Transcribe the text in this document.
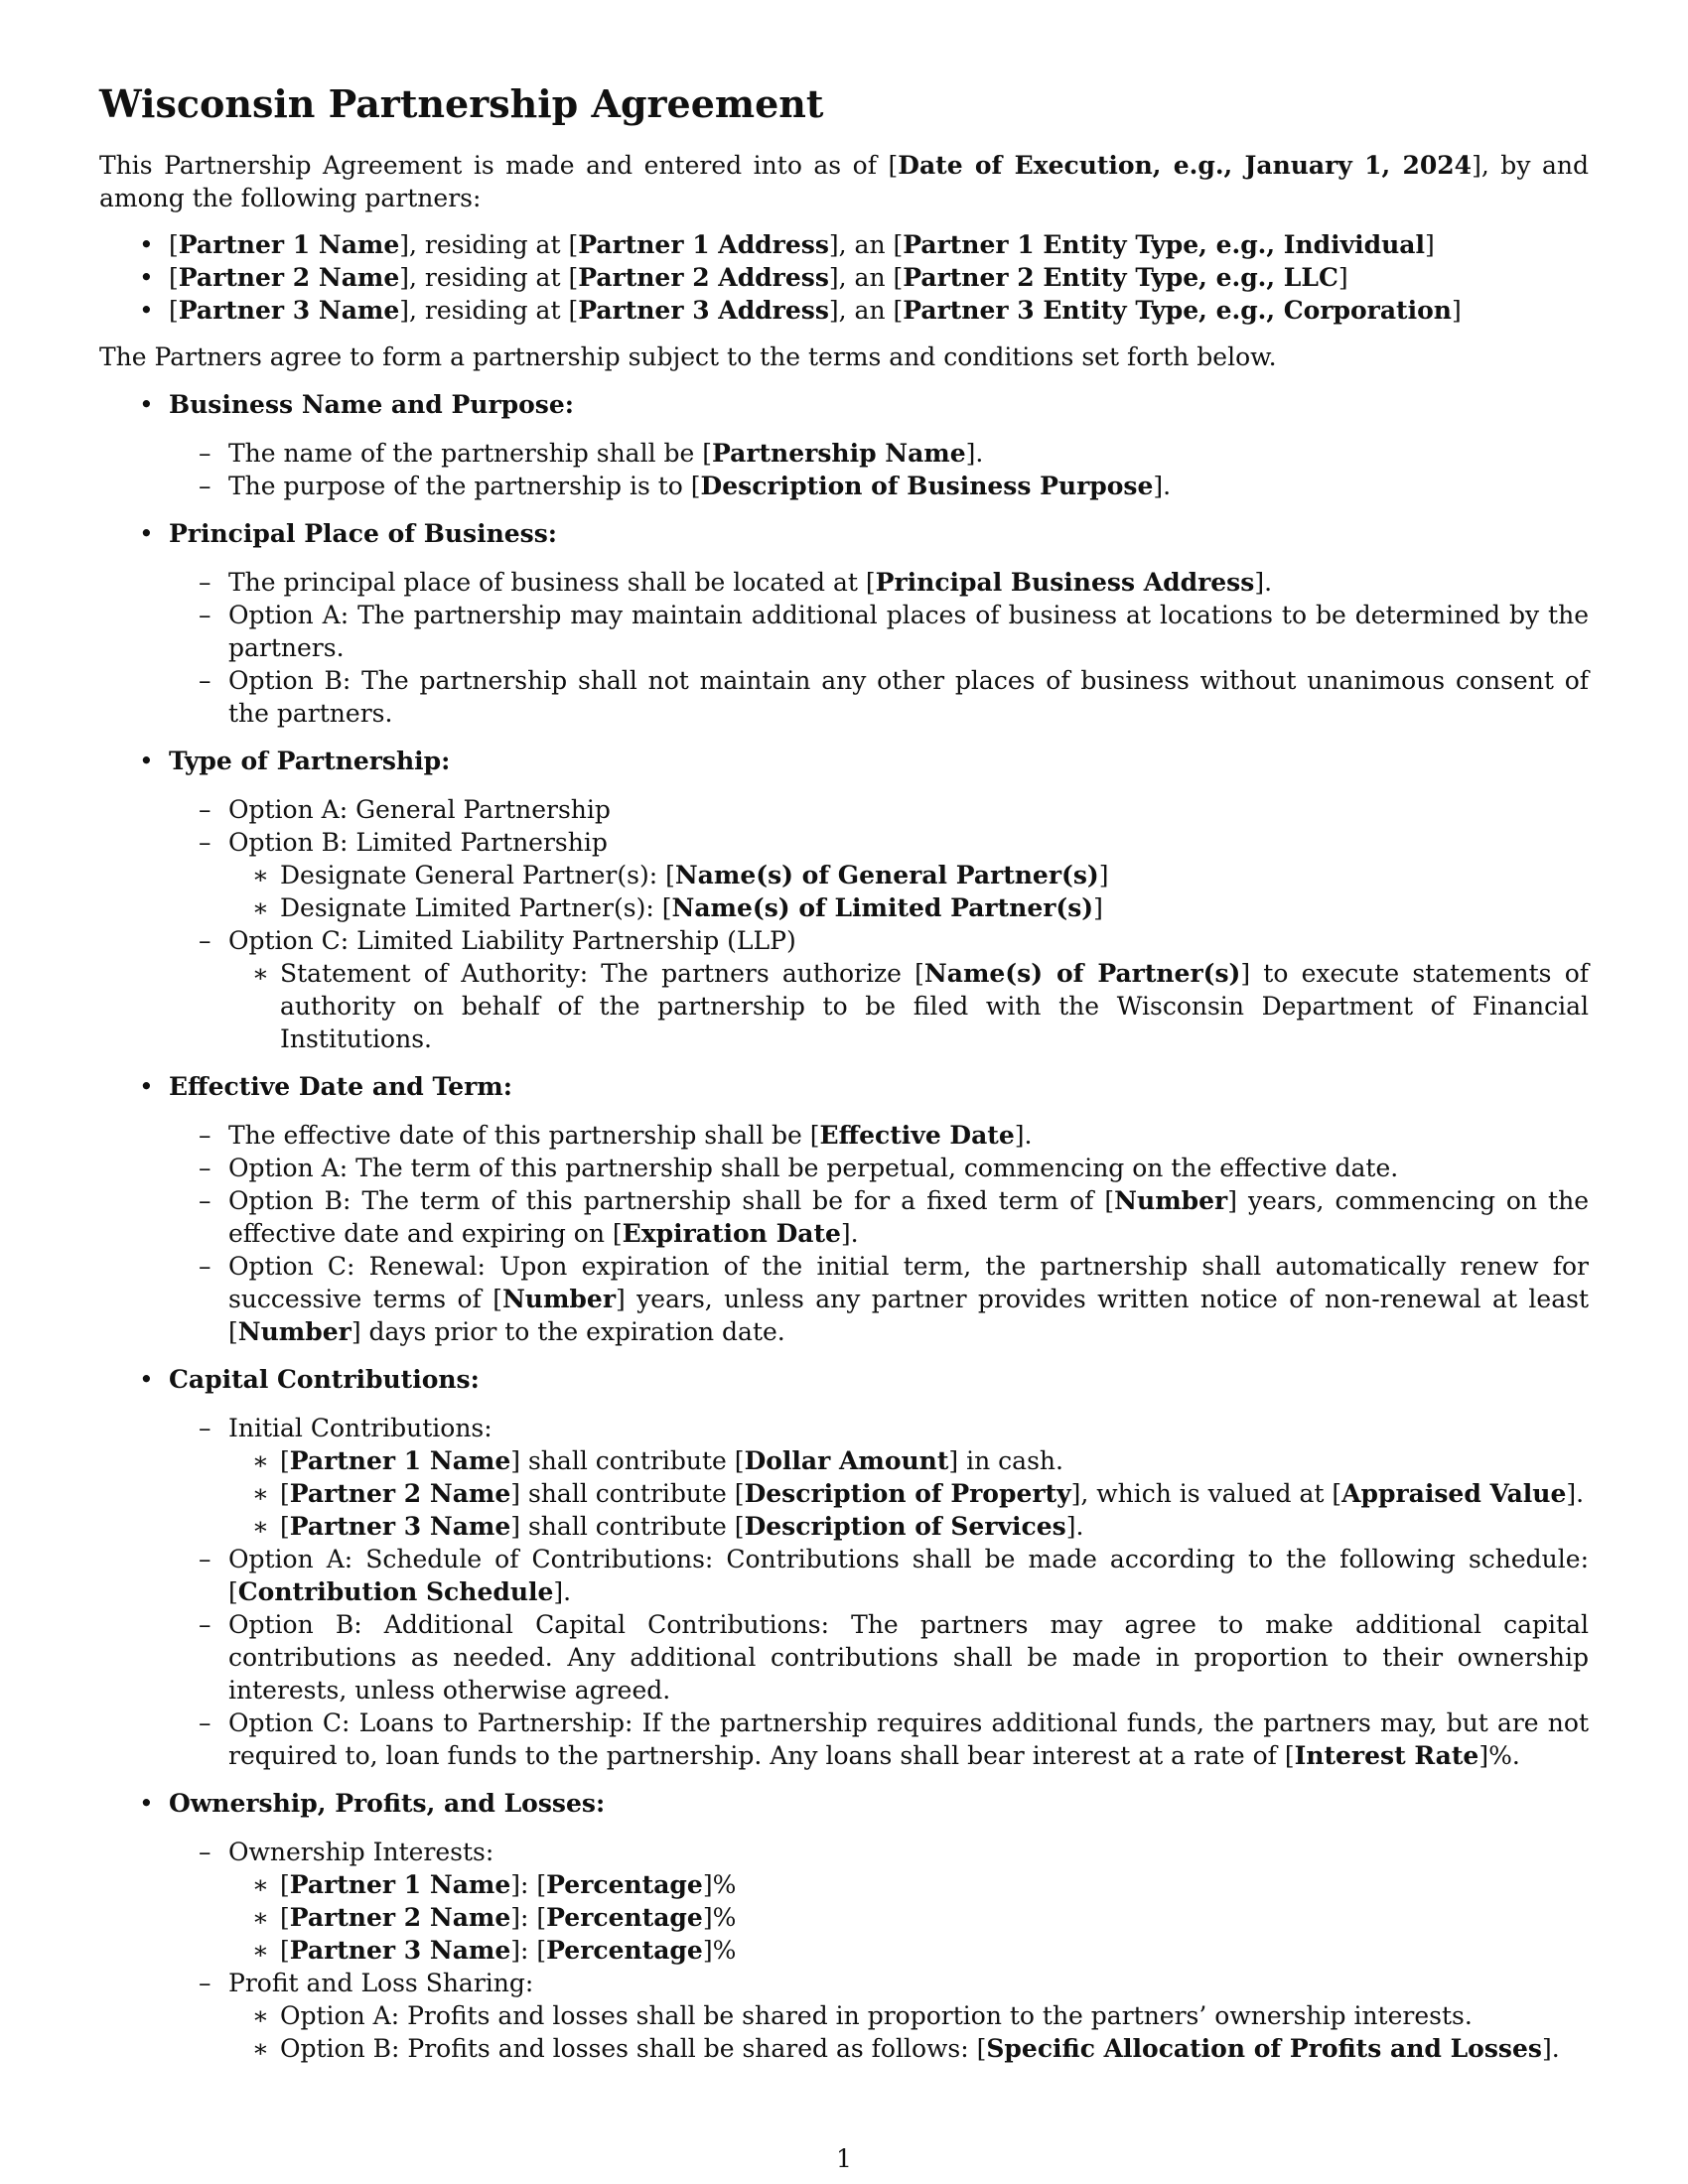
Wisconsin Partnership Agreement

This Partnership Agreement is made and entered into as of [Date of Execution, e.g., January 1, 2024], by and among the following partners:

• [Partner 1 Name], residing at [Partner 1 Address], an [Partner 1 Entity Type, e.g., Individual]
• [Partner 2 Name], residing at [Partner 2 Address], an [Partner 2 Entity Type, e.g., LLC]
• [Partner 3 Name], residing at [Partner 3 Address], an [Partner 3 Entity Type, e.g., Corporation]

The Partners agree to form a partnership subject to the terms and conditions set forth below.

• Business Name and Purpose:
– The name of the partnership shall be [Partnership Name].
– The purpose of the partnership is to [Description of Business Purpose].
• Principal Place of Business:
– The principal place of business shall be located at [Principal Business Address].
– Option A: The partnership may maintain additional places of business at locations to be determined by the partners.
– Option B: The partnership shall not maintain any other places of business without unanimous consent of the partners.
• Type of Partnership:
– Option A: General Partnership
– Option B: Limited Partnership
∗ Designate General Partner(s): [Name(s) of General Partner(s)]
∗ Designate Limited Partner(s): [Name(s) of Limited Partner(s)]
– Option C: Limited Liability Partnership (LLP)
∗ Statement of Authority: The partners authorize [Name(s) of Partner(s)] to execute statements of authority on behalf of the partnership to be filed with the Wisconsin Department of Financial Institutions.
• Effective Date and Term:
– The effective date of this partnership shall be [Effective Date].
– Option A: The term of this partnership shall be perpetual, commencing on the effective date.
– Option B: The term of this partnership shall be for a fixed term of [Number] years, commencing on the effective date and expiring on [Expiration Date].
– Option C: Renewal: Upon expiration of the initial term, the partnership shall automatically renew for successive terms of [Number] years, unless any partner provides written notice of non-renewal at least [Number] days prior to the expiration date.
• Capital Contributions:
– Initial Contributions:
∗ [Partner 1 Name] shall contribute [Dollar Amount] in cash.
∗ [Partner 2 Name] shall contribute [Description of Property], which is valued at [Appraised Value].
∗ [Partner 3 Name] shall contribute [Description of Services].
– Option A: Schedule of Contributions: Contributions shall be made according to the following schedule: [Contribution Schedule].
– Option B: Additional Capital Contributions: The partners may agree to make additional capital contributions as needed. Any additional contributions shall be made in proportion to their ownership interests, unless otherwise agreed.
– Option C: Loans to Partnership: If the partnership requires additional funds, the partners may, but are not required to, loan funds to the partnership. Any loans shall bear interest at a rate of [Interest Rate]%.
• Ownership, Profits, and Losses:
– Ownership Interests:
∗ [Partner 1 Name]: [Percentage]%
∗ [Partner 2 Name]: [Percentage]%
∗ [Partner 3 Name]: [Percentage]%
– Profit and Loss Sharing:
∗ Option A: Profits and losses shall be shared in proportion to the partners’ ownership interests.
∗ Option B: Profits and losses shall be shared as follows: [Specific Allocation of Profits and Losses].
1
